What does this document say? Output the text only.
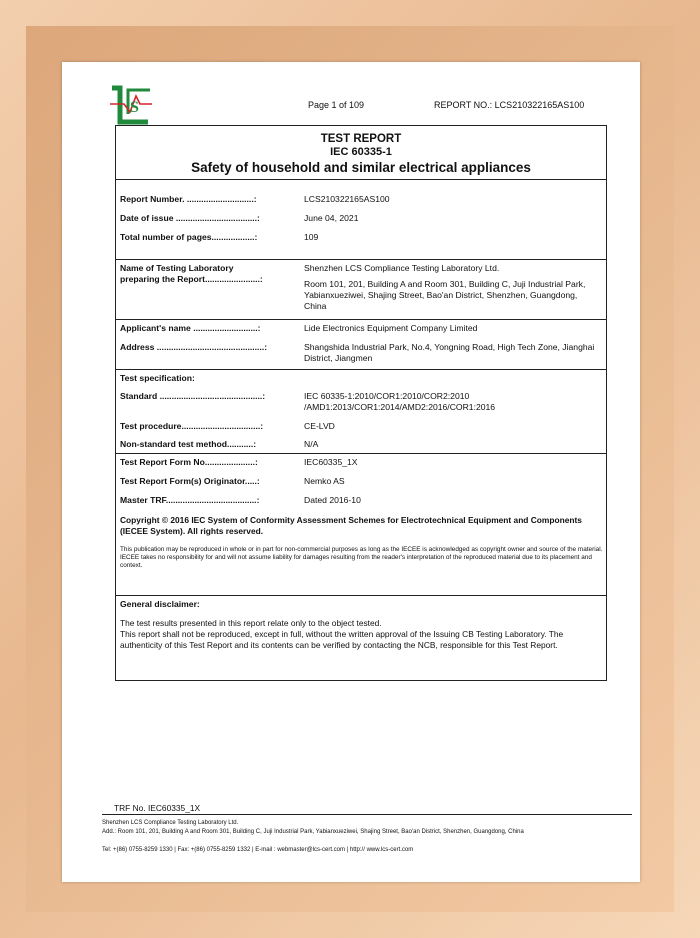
S	Page 1 of 109	REPORT NO.: LCS210322165AS100
TEST REPORT
IEC 60335-1
Safety of household and similar electrical appliances
Report Number. ............................:	LCS210322165AS100
Date of issue ..................................:	June 04, 2021
Total number of pages..................:	109
Name of Testing Laboratory
preparing the Report.......................:
Shenzhen LCS Compliance Testing Laboratory Ltd.
Room 101, 201, Building A and Room 301, Building C, Juji Industrial Park, Yabianxueziwei, Shajing Street, Bao'an District, Shenzhen, Guangdong, China
Applicant's name ...........................:	Lide Electronics Equipment Company Limited
Address .............................................:	Shangshida Industrial Park, No.4, Yongning Road, High Tech Zone, Jianghai District, Jiangmen
Test specification:
Standard ...........................................:	IEC 60335-1:2010/COR1:2010/COR2:2010 /AMD1:2013/COR1:2014/AMD2:2016/COR1:2016
Test procedure.................................:	CE-LVD
Non-standard test method...........:	N/A
Test Report Form No.....................:	IEC60335_1X
Test Report Form(s) Originator.....:	Nemko AS
Master TRF......................................:	Dated 2016-10
Copyright © 2016 IEC System of Conformity Assessment Schemes for Electrotechnical Equipment and Components (IECEE System). All rights reserved.
This publication may be reproduced in whole or in part for non-commercial purposes as long as the IECEE is acknowledged as copyright owner and source of the material. IECEE takes no responsibility for and will not assume liability for damages resulting from the reader's interpretation of the reproduced material due to its placement and context.
General disclaimer:
The test results presented in this report relate only to the object tested.
This report shall not be reproduced, except in full, without the written approval of the Issuing CB Testing Laboratory. The authenticity of this Test Report and its contents can be verified by contacting the NCB, responsible for this Test Report.
TRF No. IEC60335_1X
Shenzhen LCS Compliance Testing Laboratory Ltd.
Add.: Room 101, 201, Building A and Room 301, Building C, Juji Industrial Park, Yabianxueziwei, Shajing Street, Bao'an District, Shenzhen, Guangdong, China
Tel: +(86) 0755-8259 1330 | Fax: +(86) 0755-8259 1332 | E-mail : webmaster@lcs-cert.com | http:// www.lcs-cert.com
